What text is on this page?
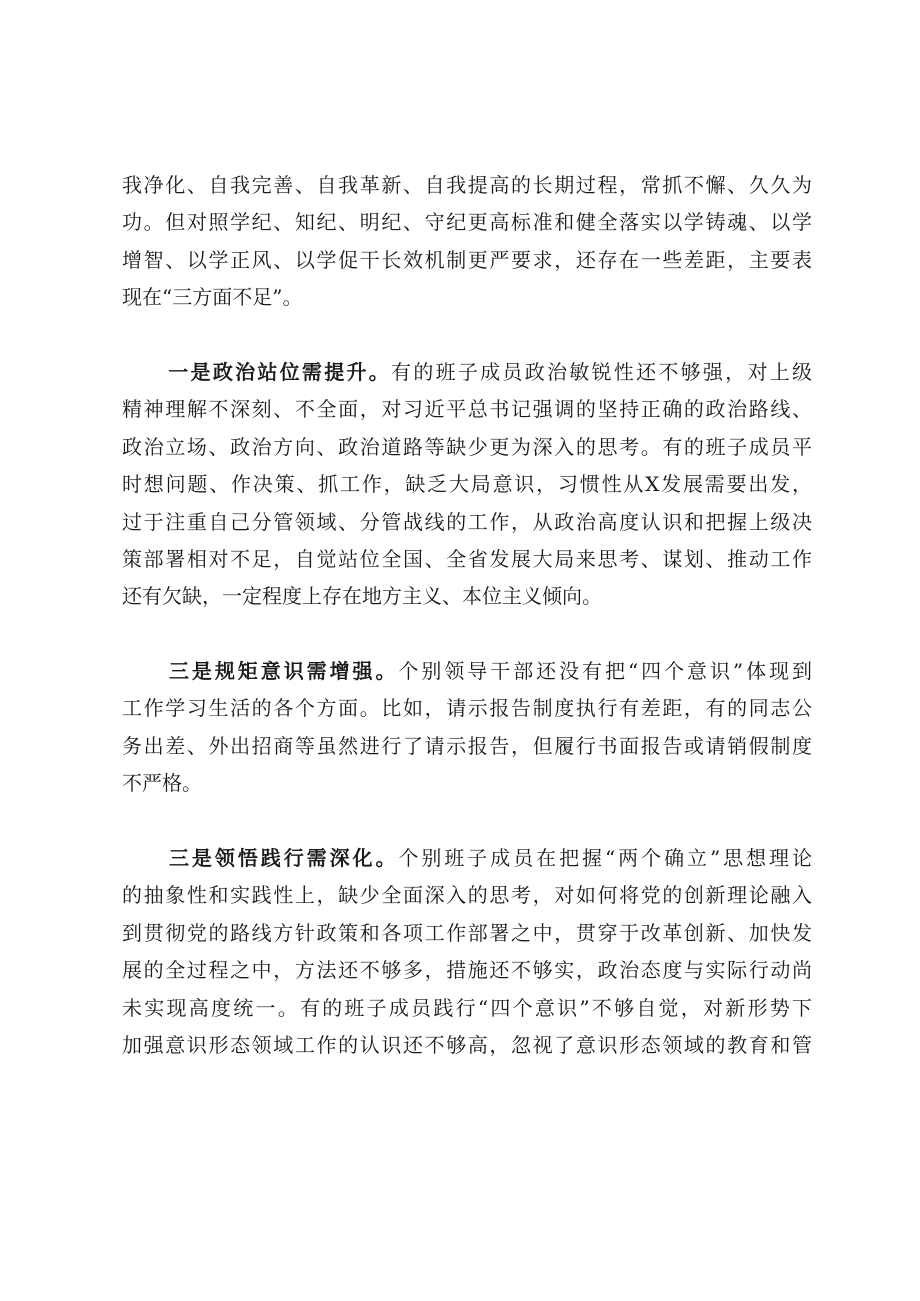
我净化、自我完善、自我革新、自我提高的长期过程，常抓不懈、久久为
功。但对照学纪、知纪、明纪、守纪更高标准和健全落实以学铸魂、以学
增智、以学正风、以学促干长效机制更严要求，还存在一些差距，主要表
现在“三方面不足”。
一是政治站位需提升。有的班子成员政治敏锐性还不够强，对上级
精神理解不深刻、不全面，对习近平总书记强调的坚持正确的政治路线、
政治立场、政治方向、政治道路等缺少更为深入的思考。有的班子成员平
时想问题、作决策、抓工作，缺乏大局意识，习惯性从X发展需要出发，
过于注重自己分管领域、分管战线的工作，从政治高度认识和把握上级决
策部署相对不足，自觉站位全国、全省发展大局来思考、谋划、推动工作
还有欠缺，一定程度上存在地方主义、本位主义倾向。
三是规矩意识需增强。个别领导干部还没有把“四个意识”体现到
工作学习生活的各个方面。比如，请示报告制度执行有差距，有的同志公
务出差、外出招商等虽然进行了请示报告，但履行书面报告或请销假制度
不严格。
三是领悟践行需深化。个别班子成员在把握“两个确立”思想理论
的抽象性和实践性上，缺少全面深入的思考，对如何将党的创新理论融入
到贯彻党的路线方针政策和各项工作部署之中，贯穿于改革创新、加快发
展的全过程之中，方法还不够多，措施还不够实，政治态度与实际行动尚
未实现高度统一。有的班子成员践行“四个意识”不够自觉，对新形势下
加强意识形态领域工作的认识还不够高，忽视了意识形态领域的教育和管
